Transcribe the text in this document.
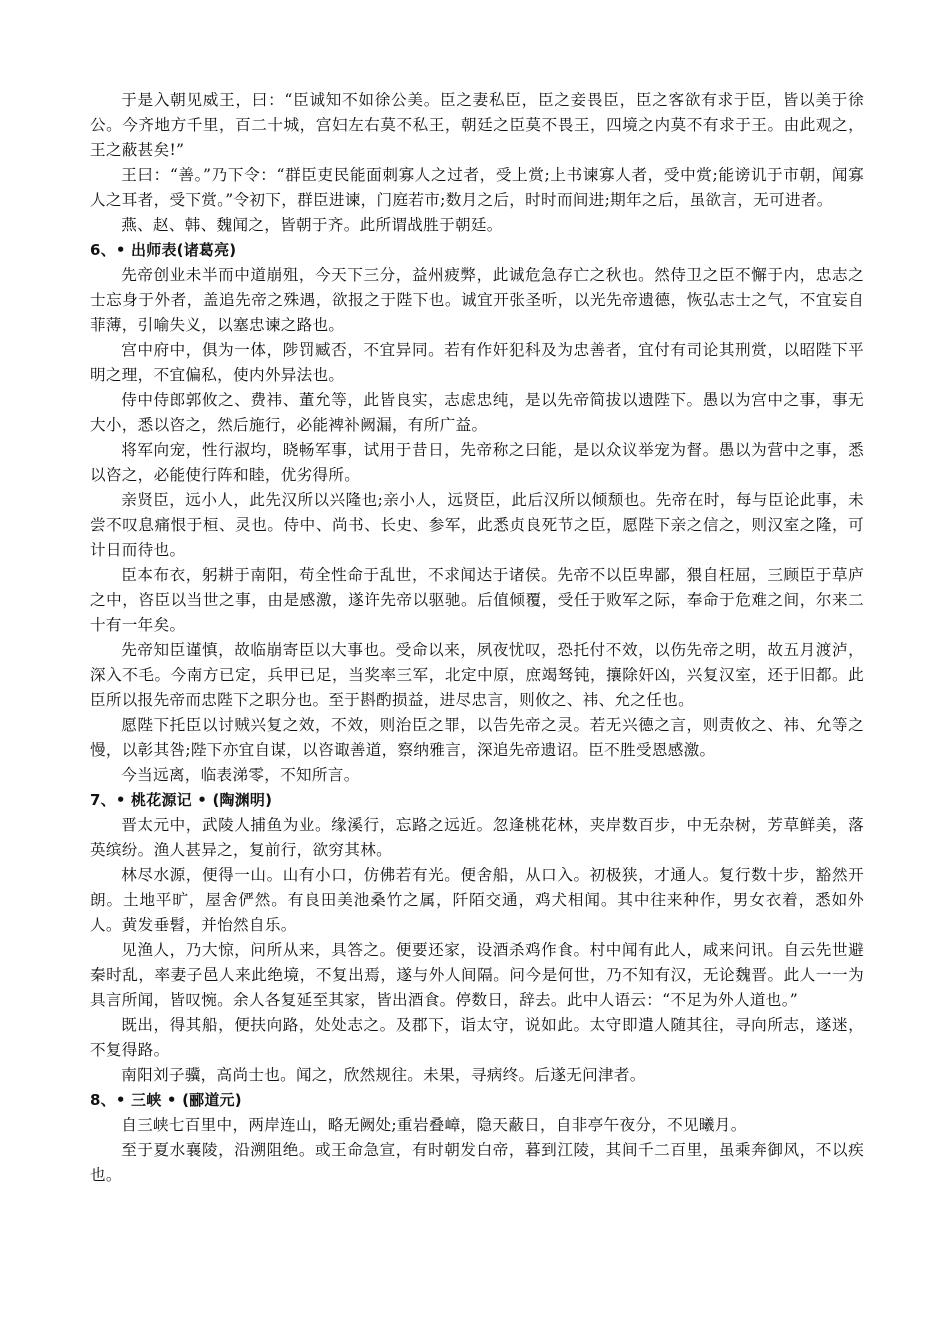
于是入朝见威王，曰：“臣诚知不如徐公美。臣之妻私臣，臣之妾畏臣，臣之客欲有求于臣，皆以美于徐公。今齐地方千里，百二十城，宫妇左右莫不私王，朝廷之臣莫不畏王，四境之内莫不有求于王。由此观之，王之蔽甚矣!”

王曰：“善。”乃下令：“群臣吏民能面刺寡人之过者，受上赏;上书谏寡人者，受中赏;能谤讥于市朝，闻寡人之耳者，受下赏。”令初下，群臣进谏，门庭若市;数月之后，时时而间进;期年之后，虽欲言，无可进者。

燕、赵、韩、魏闻之，皆朝于齐。此所谓战胜于朝廷。

6、• 出师表(诸葛亮)

先帝创业未半而中道崩殂，今天下三分，益州疲弊，此诚危急存亡之秋也。然侍卫之臣不懈于内，忠志之士忘身于外者，盖追先帝之殊遇，欲报之于陛下也。诚宜开张圣听，以光先帝遗德，恢弘志士之气，不宜妄自菲薄，引喻失义，以塞忠谏之路也。

宫中府中，俱为一体，陟罚臧否，不宜异同。若有作奸犯科及为忠善者，宜付有司论其刑赏，以昭陛下平明之理，不宜偏私，使内外异法也。

侍中侍郎郭攸之、费祎、董允等，此皆良实，志虑忠纯，是以先帝简拔以遗陛下。愚以为宫中之事，事无大小，悉以咨之，然后施行，必能裨补阙漏，有所广益。

将军向宠，性行淑均，晓畅军事，试用于昔日，先帝称之曰能，是以众议举宠为督。愚以为营中之事，悉以咨之，必能使行阵和睦，优劣得所。

亲贤臣，远小人，此先汉所以兴隆也;亲小人，远贤臣，此后汉所以倾颓也。先帝在时，每与臣论此事，未尝不叹息痛恨于桓、灵也。侍中、尚书、长史、参军，此悉贞良死节之臣，愿陛下亲之信之，则汉室之隆，可计日而待也。

臣本布衣，躬耕于南阳，苟全性命于乱世，不求闻达于诸侯。先帝不以臣卑鄙，猥自枉屈，三顾臣于草庐之中，咨臣以当世之事，由是感激，遂许先帝以驱驰。后值倾覆，受任于败军之际，奉命于危难之间，尔来二十有一年矣。

先帝知臣谨慎，故临崩寄臣以大事也。受命以来，夙夜忧叹，恐托付不效，以伤先帝之明，故五月渡泸，深入不毛。今南方已定，兵甲已足，当奖率三军，北定中原，庶竭驽钝，攘除奸凶，兴复汉室，还于旧都。此臣所以报先帝而忠陛下之职分也。至于斟酌损益，进尽忠言，则攸之、祎、允之任也。

愿陛下托臣以讨贼兴复之效，不效，则治臣之罪，以告先帝之灵。若无兴德之言，则责攸之、祎、允等之慢，以彰其咎;陛下亦宜自谋，以咨诹善道，察纳雅言，深追先帝遗诏。臣不胜受恩感激。

今当远离，临表涕零，不知所言。

7、• 桃花源记 • (陶渊明)

晋太元中，武陵人捕鱼为业。缘溪行，忘路之远近。忽逢桃花林，夹岸数百步，中无杂树，芳草鲜美，落英缤纷。渔人甚异之，复前行，欲穷其林。

林尽水源，便得一山。山有小口，仿佛若有光。便舍船，从口入。初极狭，才通人。复行数十步，豁然开朗。土地平旷，屋舍俨然。有良田美池桑竹之属，阡陌交通，鸡犬相闻。其中往来种作，男女衣着，悉如外人。黄发垂髫，并怡然自乐。

见渔人，乃大惊，问所从来，具答之。便要还家，设酒杀鸡作食。村中闻有此人，咸来问讯。自云先世避秦时乱，率妻子邑人来此绝境，不复出焉，遂与外人间隔。问今是何世，乃不知有汉，无论魏晋。此人一一为具言所闻，皆叹惋。余人各复延至其家，皆出酒食。停数日，辞去。此中人语云：“不足为外人道也。”

既出，得其船，便扶向路，处处志之。及郡下，诣太守，说如此。太守即遣人随其往，寻向所志，遂迷，不复得路。

南阳刘子骥，高尚士也。闻之，欣然规往。未果，寻病终。后遂无问津者。

8、• 三峡 • (郦道元)

自三峡七百里中，两岸连山，略无阙处;重岩叠嶂，隐天蔽日，自非亭午夜分，不见曦月。

至于夏水襄陵，沿溯阻绝。或王命急宣，有时朝发白帝，暮到江陵，其间千二百里，虽乘奔御风，不以疾也。
